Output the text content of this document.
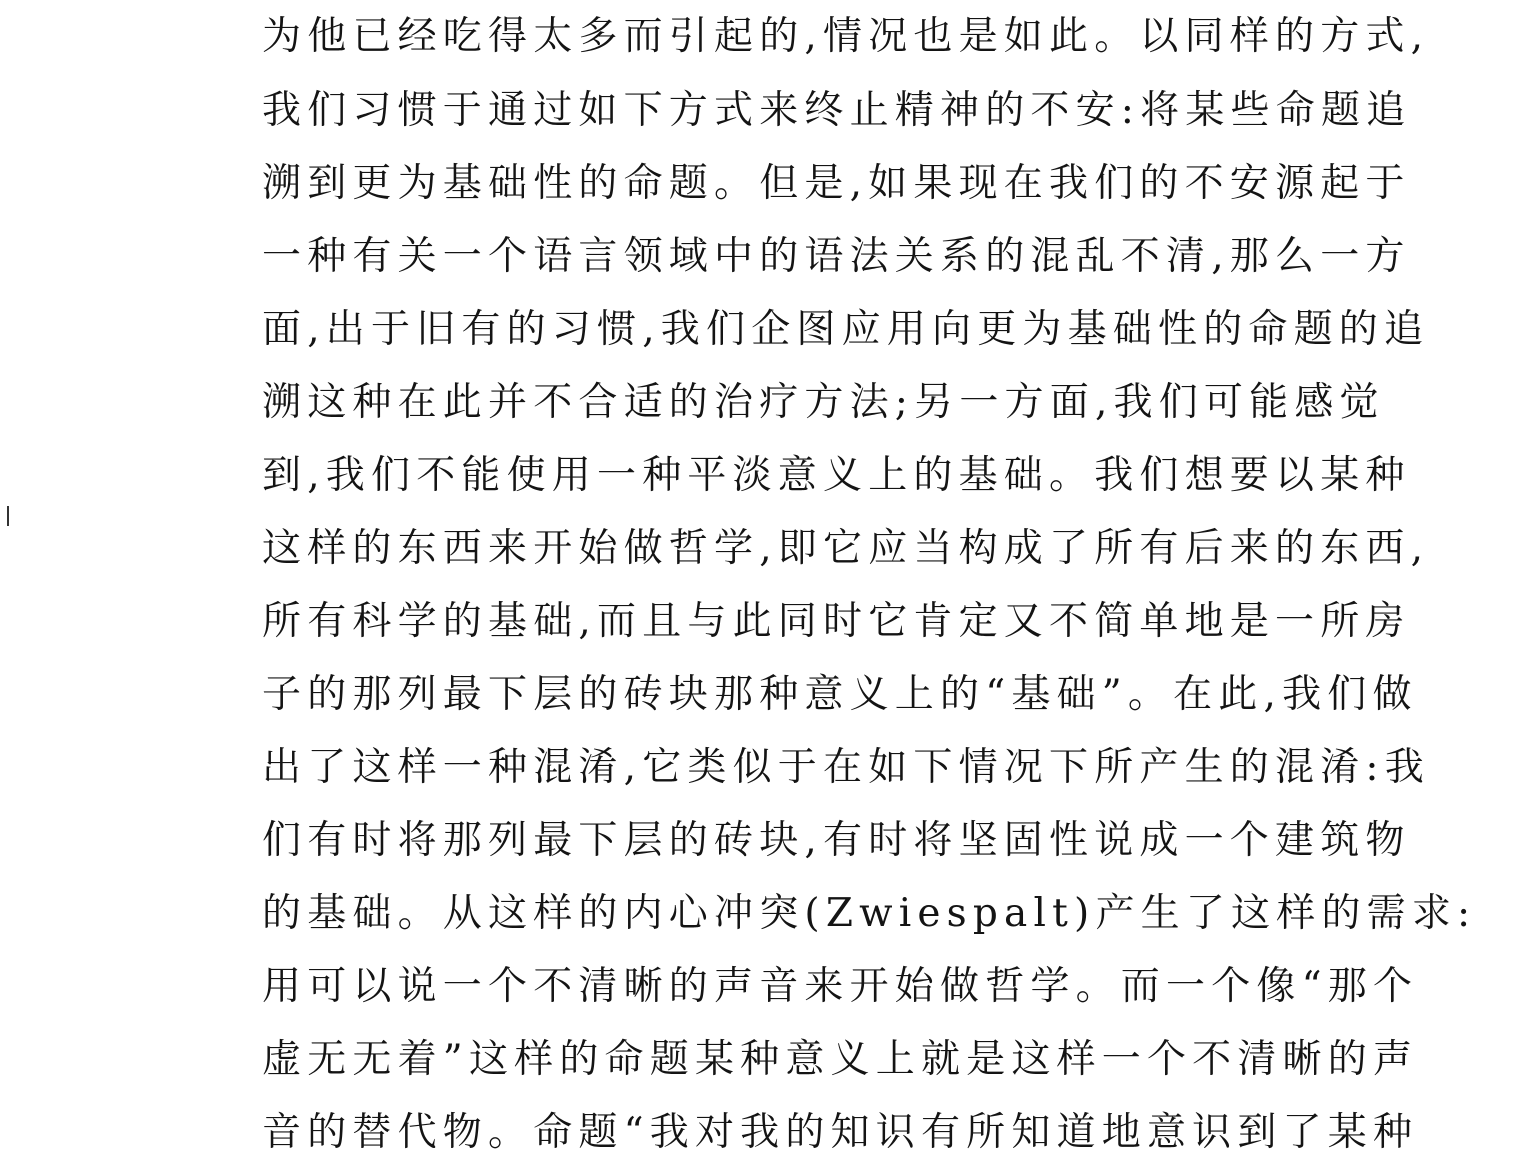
为他已经吃得太多而引起的,情况也是如此。以同样的方式,
我们习惯于通过如下方式来终止精神的不安:将某些命题追
溯到更为基础性的命题。但是,如果现在我们的不安源起于
一种有关一个语言领域中的语法关系的混乱不清,那么一方
面,出于旧有的习惯,我们企图应用向更为基础性的命题的追
溯这种在此并不合适的治疗方法;另一方面,我们可能感觉
到,我们不能使用一种平淡意义上的基础。我们想要以某种
这样的东西来开始做哲学,即它应当构成了所有后来的东西,
所有科学的基础,而且与此同时它肯定又不简单地是一所房
子的那列最下层的砖块那种意义上的“基础”。在此,我们做
出了这样一种混淆,它类似于在如下情况下所产生的混淆:我
们有时将那列最下层的砖块,有时将坚固性说成一个建筑物
的基础。从这样的内心冲突(Zwiespalt)产生了这样的需求:
用可以说一个不清晰的声音来开始做哲学。而一个像“那个
虚无无着”这样的命题某种意义上就是这样一个不清晰的声
音的替代物。命题“我对我的知识有所知道地意识到了某种
